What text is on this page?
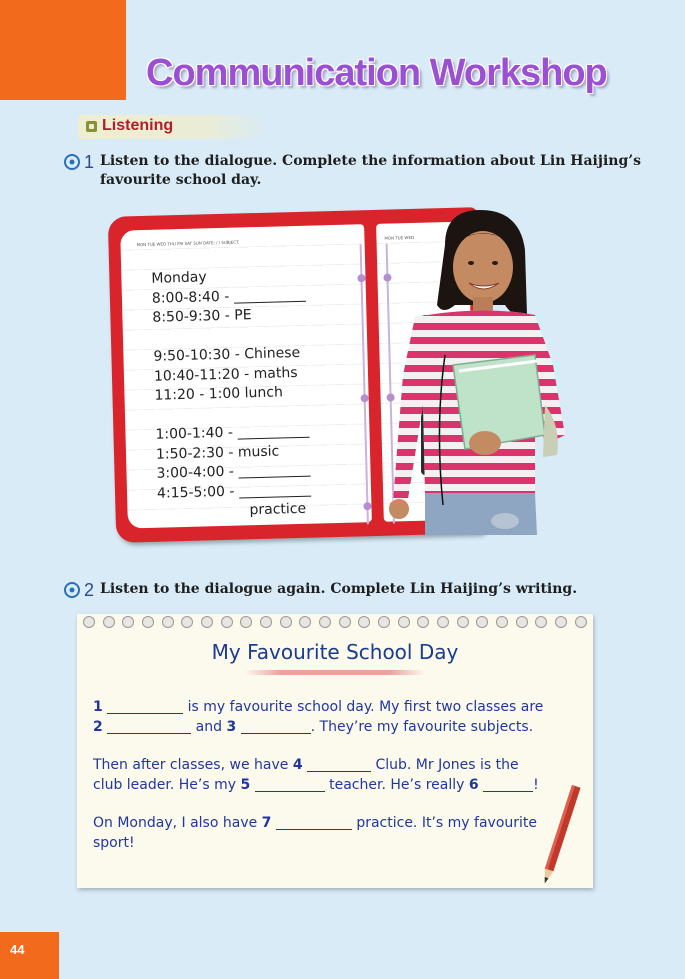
Communication Workshop
Listening
1 Listen to the dialogue. Complete the information about Lin Haijing’s
favourite school day.
MON TUE WED THU FRI SAT SUN DATE: / / SUBJECT:
Monday
8:00-8:40 -
8:50-9:30 - PE
9:50-10:30 - Chinese
10:40-11:20 - maths
11:20 - 1:00 lunch
1:00-1:40 -
1:50-2:30 - music
3:00-4:00 -
4:15-5:00 -
practice
MON TUE WED
2 Listen to the dialogue again. Complete Lin Haijing’s writing.
My Favourite School Day

1	is my favourite school day. My first two classes are
2	and 3	. They’re my favourite subjects.

Then after classes, we have 4	Club. Mr Jones is the
club leader. He’s my 5	teacher. He’s really 6	!

On Monday, I also have 7	practice. It’s my favourite
sport!

44
